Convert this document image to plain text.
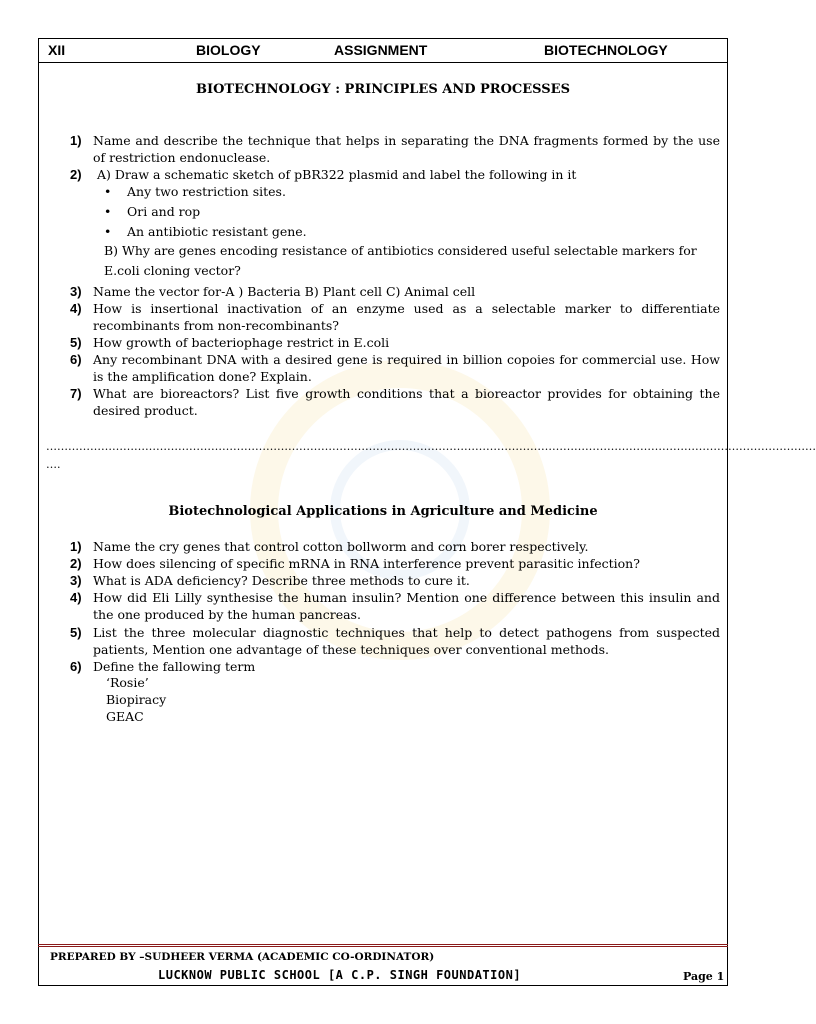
XII	BIOLOGY	ASSIGNMENT	BIOTECHNOLOGY
BIOTECHNOLOGY : PRINCIPLES AND PROCESSES
1) Name and describe the technique that helps in separating the DNA fragments formed by the use of restriction endonuclease.
2) A) Draw a schematic sketch of pBR322 plasmid and label the following in it
• Any two restriction sites.
• Ori and rop
• An antibiotic resistant gene.
B) Why are genes encoding resistance of antibiotics considered useful selectable markers for
E.coli cloning vector?
3) Name the vector for-A ) Bacteria B) Plant cell C) Animal cell
4) How is insertional inactivation of an enzyme used as a selectable marker to differentiate recombinants from non-recombinants?
5) How growth of bacteriophage restrict in E.coli
6) Any recombinant DNA with a desired gene is required in billion copoies for commercial use. How is the amplification done? Explain.
7) What are bioreactors? List five growth conditions that a bioreactor provides for obtaining the desired product.
…………………………………………………………………………………………………………………………………………………………………………………………
….
Biotechnological Applications in Agriculture and Medicine
1) Name the cry genes that control cotton bollworm and corn borer respectively.
2) How does silencing of specific mRNA in RNA interference prevent parasitic infection?
3) What is ADA deficiency? Describe three methods to cure it.
4) How did Eli Lilly synthesise the human insulin? Mention one difference between this insulin and the one produced by the human pancreas.
5) List the three molecular diagnostic techniques that help to detect pathogens from suspected patients, Mention one advantage of these techniques over conventional methods.
6) Define the fallowing term
‘Rosie’
Biopiracy
GEAC
PREPARED BY –SUDHEER VERMA (ACADEMIC CO-ORDINATOR)
LUCKNOW PUBLIC SCHOOL [A C.P. SINGH FOUNDATION]	Page 1
